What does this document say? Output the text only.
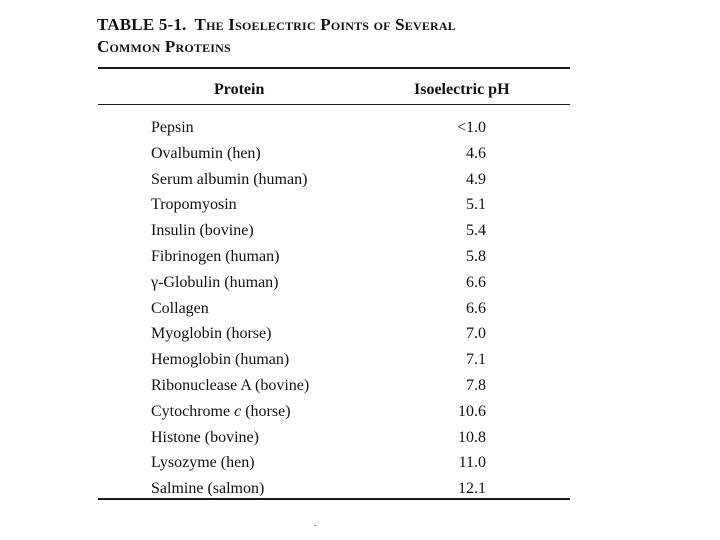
TABLE 5-1. The Isoelectric Points of Several
Common Proteins
Protein	Isoelectric pH
Pepsin	<1.0
Ovalbumin (hen)	4.6
Serum albumin (human)	4.9
Tropomyosin	5.1
Insulin (bovine)	5.4
Fibrinogen (human)	5.8
γ-Globulin (human)	6.6
Collagen	6.6
Myoglobin (horse)	7.0
Hemoglobin (human)	7.1
Ribonuclease A (bovine)	7.8
Cytochrome c (horse)	10.6
Histone (bovine)	10.8
Lysozyme (hen)	11.0
Salmine (salmon)	12.1
